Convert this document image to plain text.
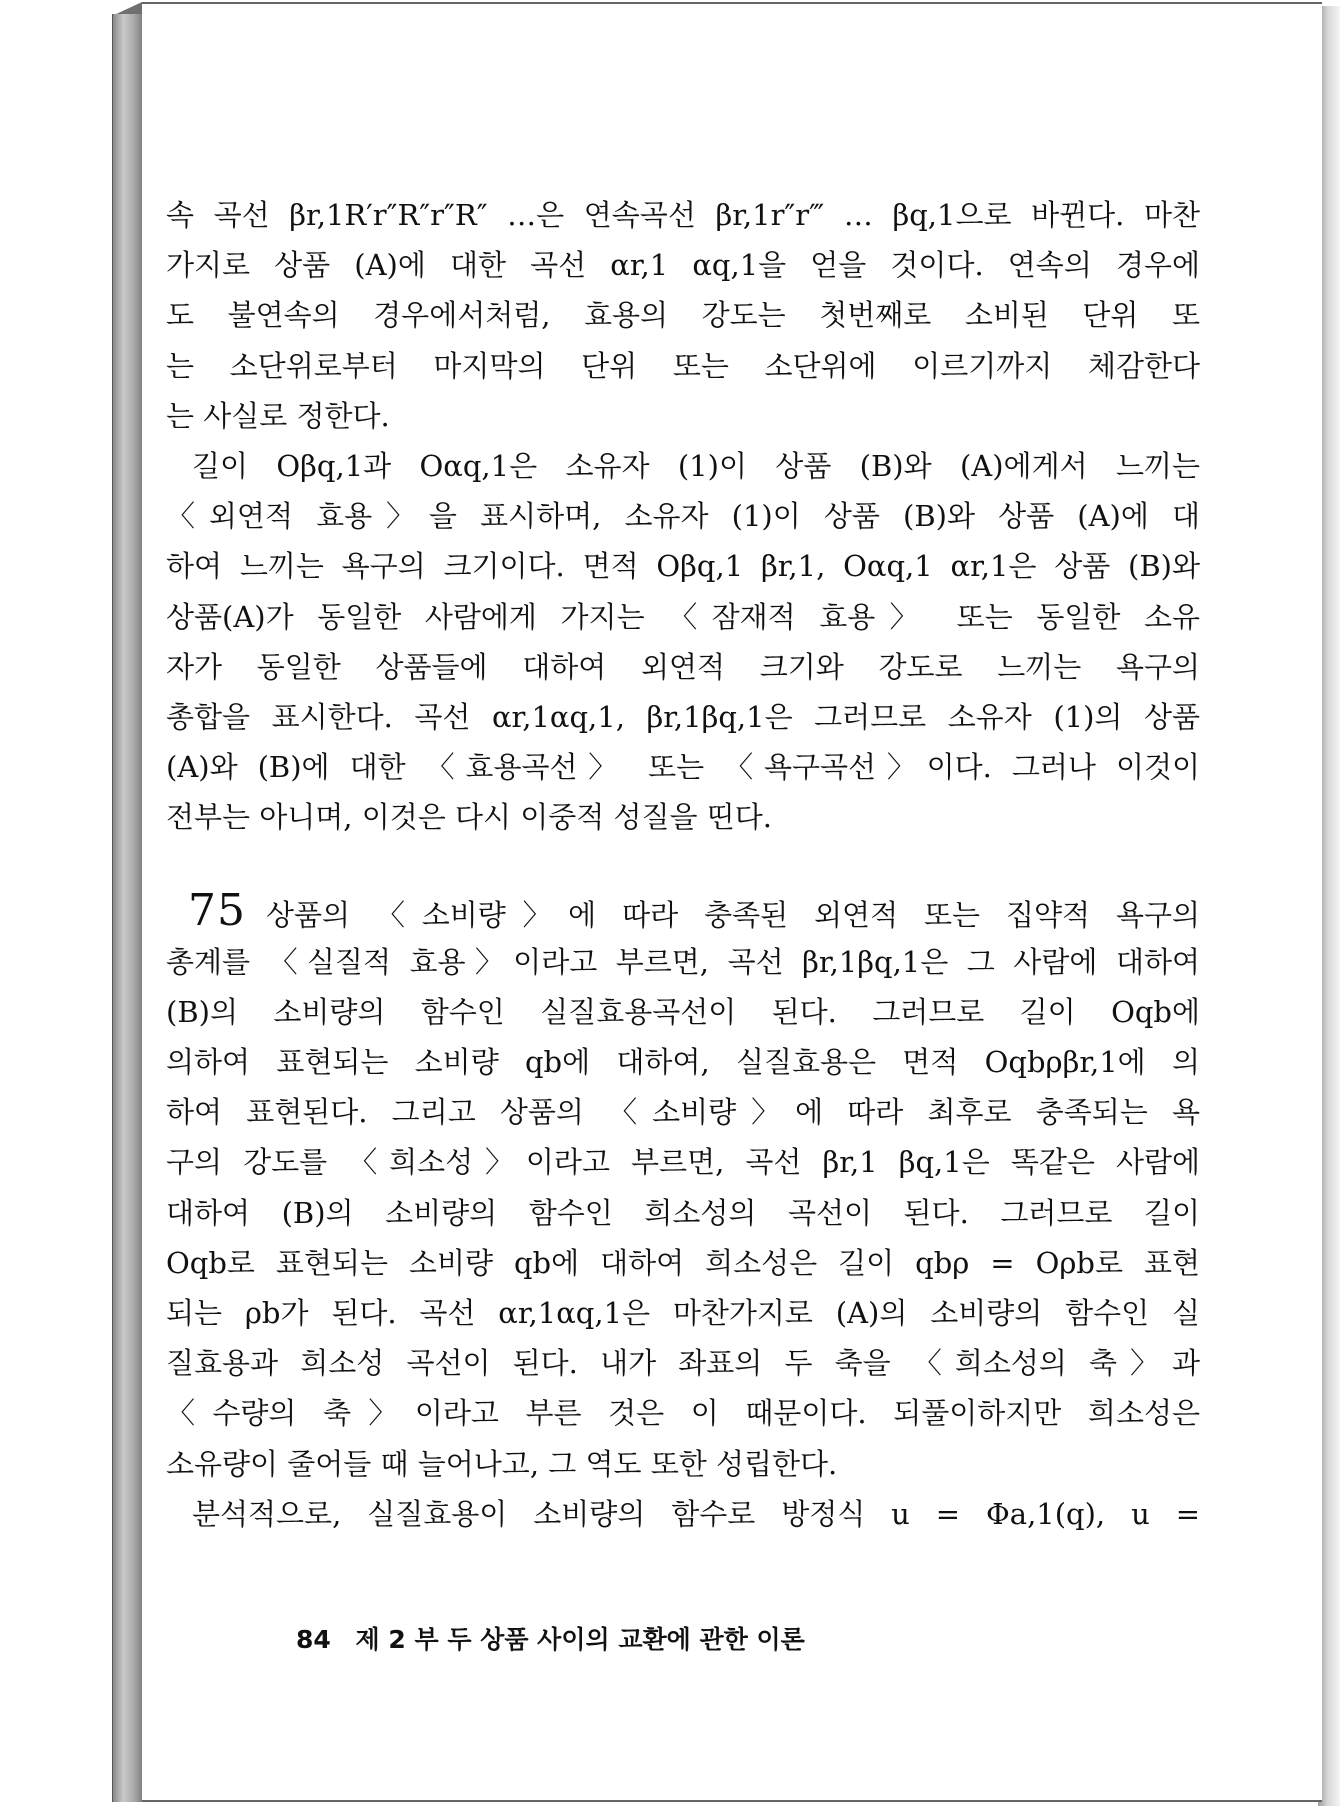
속 곡선 βr,1R′r″R″r″R″ …은 연속곡선 βr,1r″r‴ … βq,1으로 바뀐다. 마찬
가지로 상품 (A)에 대한 곡선 αr,1 αq,1을 얻을 것이다. 연속의 경우에
도 불연속의 경우에서처럼, 효용의 강도는 첫번째로 소비된 단위 또
는 소단위로부터 마지막의 단위 또는 소단위에 이르기까지 체감한다
는 사실로 정한다.
길이 Oβq,1과 Oαq,1은 소유자 (1)이 상품 (B)와 (A)에게서 느끼는
〈외연적 효용〉을 표시하며, 소유자 (1)이 상품 (B)와 상품 (A)에 대
하여 느끼는 욕구의 크기이다. 면적 Oβq,1 βr,1, Oαq,1 αr,1은 상품 (B)와
상품(A)가 동일한 사람에게 가지는 〈잠재적 효용〉 또는 동일한 소유
자가 동일한 상품들에 대하여 외연적 크기와 강도로 느끼는 욕구의
총합을 표시한다. 곡선 αr,1αq,1, βr,1βq,1은 그러므로 소유자 (1)의 상품
(A)와 (B)에 대한 〈효용곡선〉 또는 〈욕구곡선〉이다. 그러나 이것이
전부는 아니며, 이것은 다시 이중적 성질을 띤다.
75 상품의 〈소비량〉에 따라 충족된 외연적 또는 집약적 욕구의
총계를 〈실질적 효용〉이라고 부르면, 곡선 βr,1βq,1은 그 사람에 대하여
(B)의 소비량의 함수인 실질효용곡선이 된다. 그러므로 길이 Oqb에
의하여 표현되는 소비량 qb에 대하여, 실질효용은 면적 Oqbρβr,1에 의
하여 표현된다. 그리고 상품의 〈소비량〉에 따라 최후로 충족되는 욕
구의 강도를 〈희소성〉이라고 부르면, 곡선 βr,1 βq,1은 똑같은 사람에
대하여 (B)의 소비량의 함수인 희소성의 곡선이 된다. 그러므로 길이
Oqb로 표현되는 소비량 qb에 대하여 희소성은 길이 qbρ = Oρb로 표현
되는 ρb가 된다. 곡선 αr,1αq,1은 마찬가지로 (A)의 소비량의 함수인 실
질효용과 희소성 곡선이 된다. 내가 좌표의 두 축을 〈희소성의 축〉과
〈수량의 축〉이라고 부른 것은 이 때문이다. 되풀이하지만 희소성은
소유량이 줄어들 때 늘어나고, 그 역도 또한 성립한다.
분석적으로, 실질효용이 소비량의 함수로 방정식 u = Φa,1(q), u =
84 제 2 부 두 상품 사이의 교환에 관한 이론
